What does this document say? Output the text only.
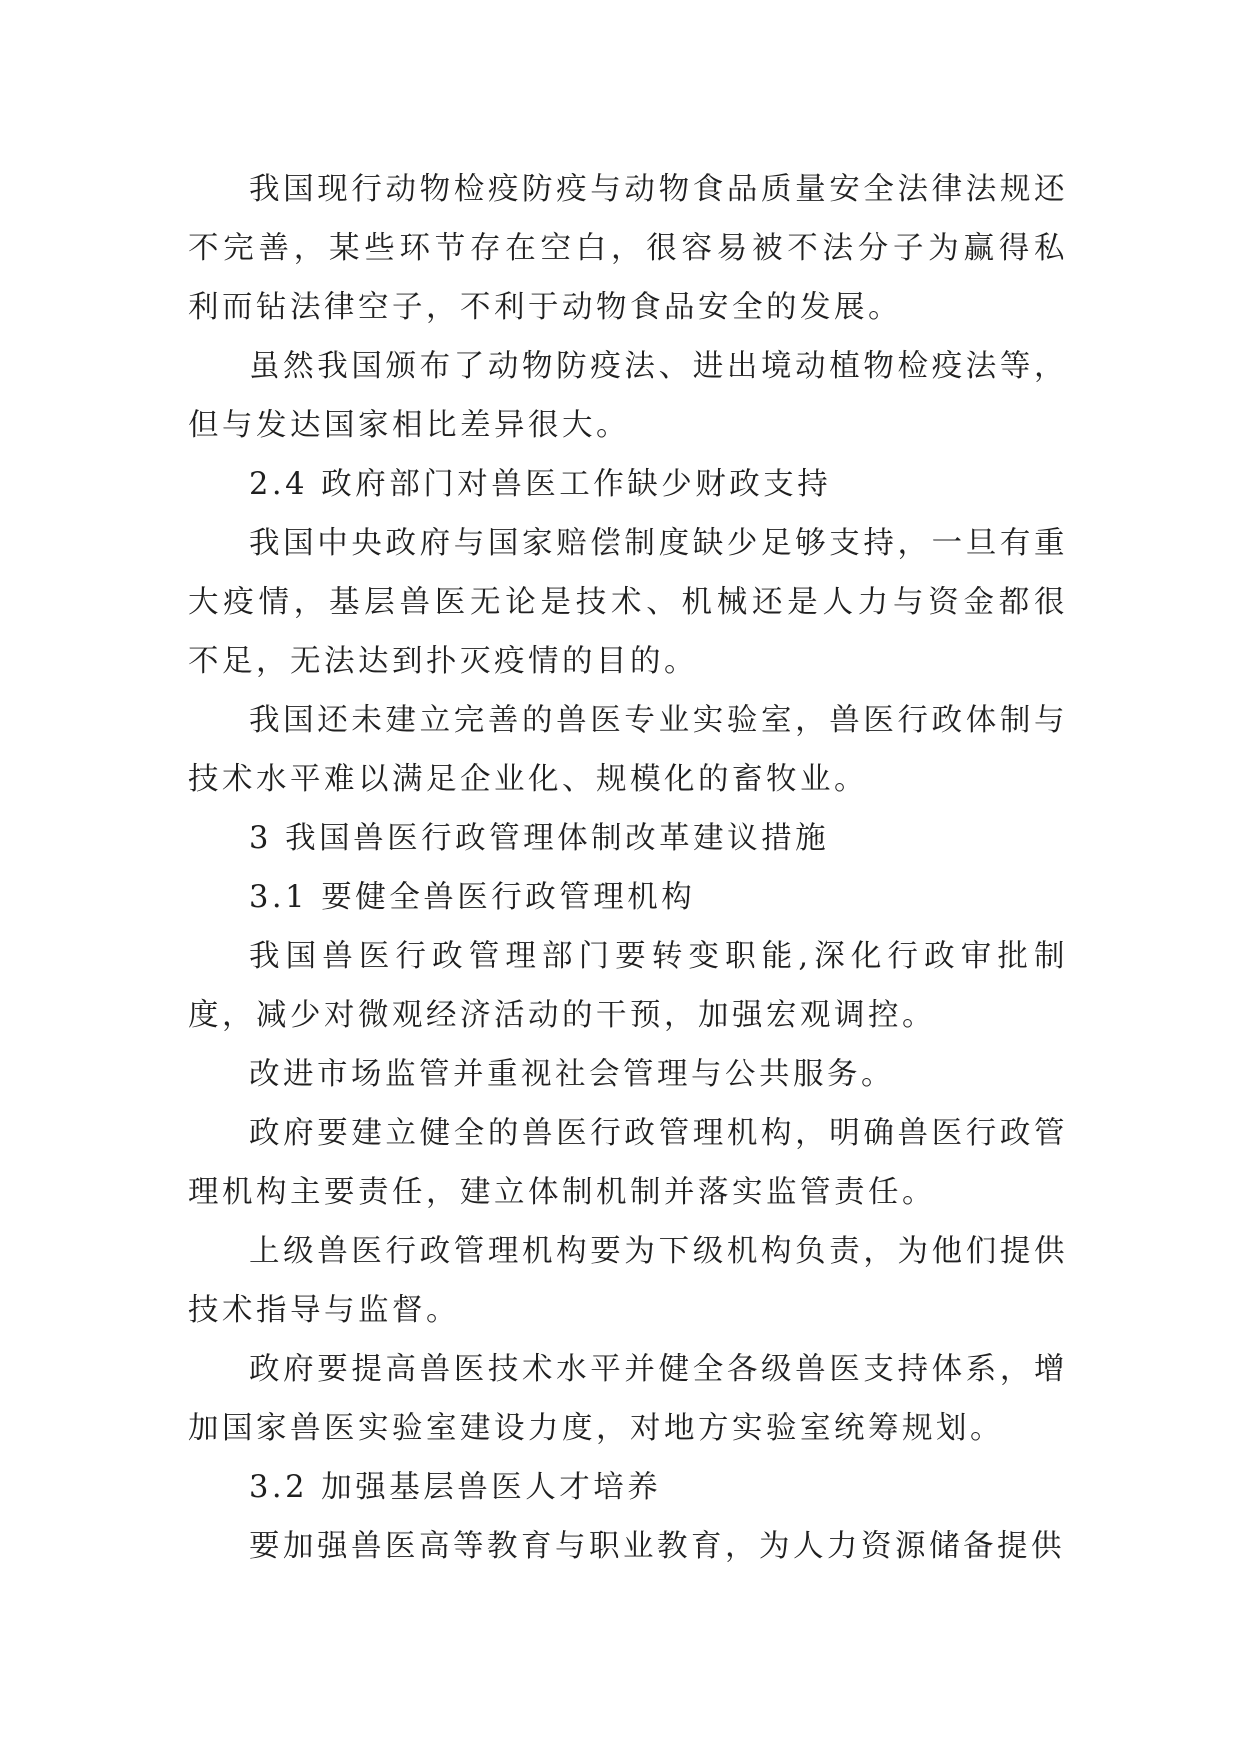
我国现行动物检疫防疫与动物食品质量安全法律法规还不完善，某些环节存在空白，很容易被不法分子为赢得私利而钻法律空子，不利于动物食品安全的发展。

虽然我国颁布了动物防疫法、进出境动植物检疫法等，但与发达国家相比差异很大。

2.4 政府部门对兽医工作缺少财政支持

我国中央政府与国家赔偿制度缺少足够支持，一旦有重大疫情，基层兽医无论是技术、机械还是人力与资金都很不足，无法达到扑灭疫情的目的。

我国还未建立完善的兽医专业实验室，兽医行政体制与技术水平难以满足企业化、规模化的畜牧业。

3 我国兽医行政管理体制改革建议措施

3.1 要健全兽医行政管理机构

我国兽医行政管理部门要转变职能,深化行政审批制度，减少对微观经济活动的干预，加强宏观调控。

改进市场监管并重视社会管理与公共服务。

政府要建立健全的兽医行政管理机构，明确兽医行政管理机构主要责任，建立体制机制并落实监管责任。

上级兽医行政管理机构要为下级机构负责，为他们提供技术指导与监督。

政府要提高兽医技术水平并健全各级兽医支持体系，增加国家兽医实验室建设力度，对地方实验室统筹规划。

3.2 加强基层兽医人才培养

要加强兽医高等教育与职业教育，为人力资源储备提供
